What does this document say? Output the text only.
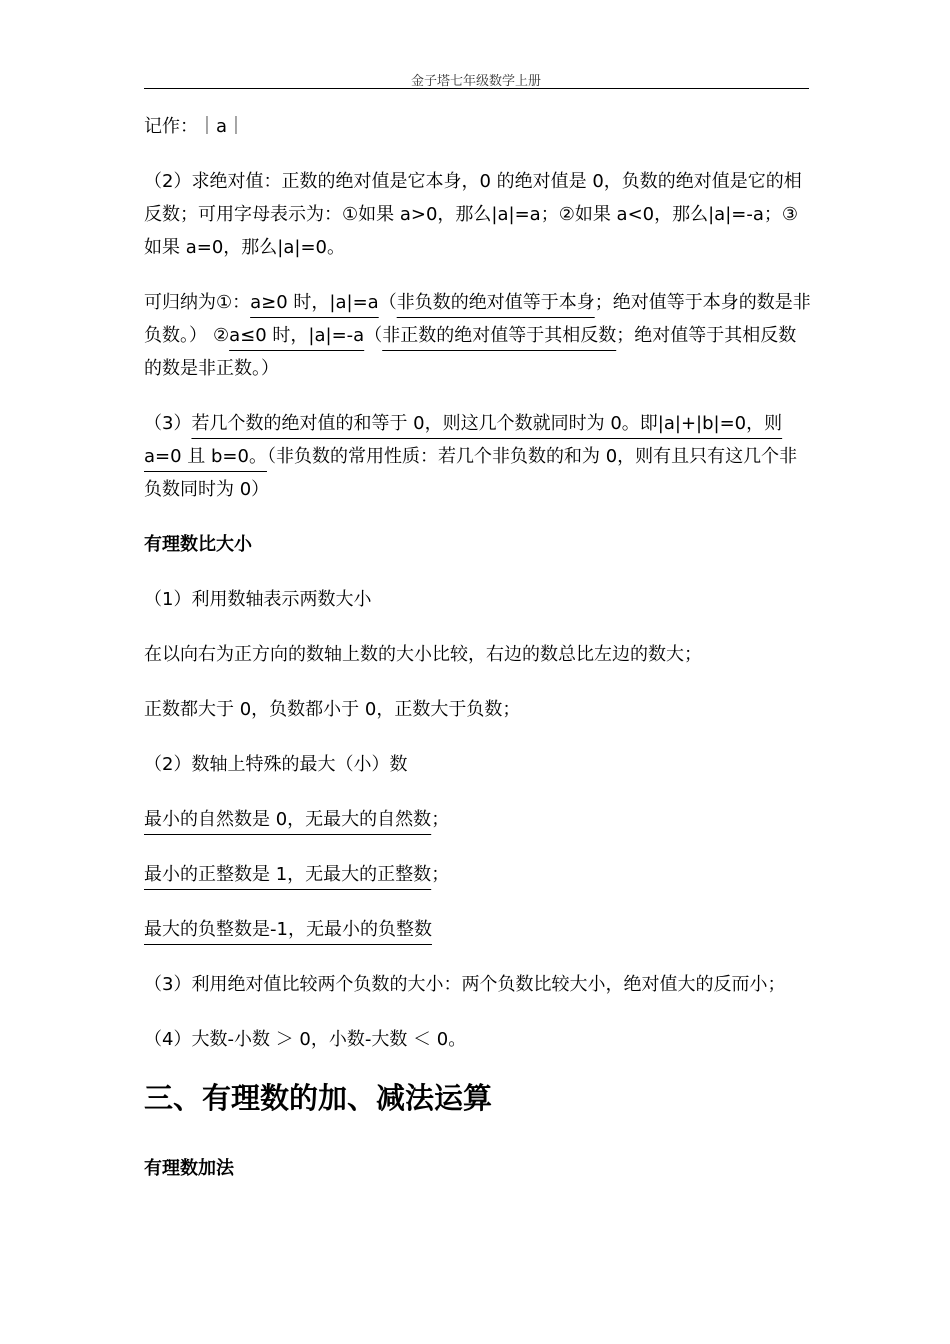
金子塔七年级数学上册

记作：｜a｜

（2）求绝对值：正数的绝对值是它本身，0 的绝对值是 0，负数的绝对值是它的相反数；可用字母表示为：①如果 a>0，那么|a|=a；②如果 a<0，那么|a|=-a；③如果 a=0，那么|a|=0。

可归纳为①：a≥0 时，|a|=a（非负数的绝对值等于本身；绝对值等于本身的数是非负数。） ②a≤0 时，|a|=-a（非正数的绝对值等于其相反数；绝对值等于其相反数的数是非正数。）

（3）若几个数的绝对值的和等于 0，则这几个数就同时为 0。即|a|+|b|=0，则 a=0 且 b=0。（非负数的常用性质：若几个非负数的和为 0，则有且只有这几个非负数同时为 0）

有理数比大小

（1）利用数轴表示两数大小

在以向右为正方向的数轴上数的大小比较，右边的数总比左边的数大；

正数都大于 0，负数都小于 0，正数大于负数；

（2）数轴上特殊的最大（小）数

最小的自然数是 0，无最大的自然数；

最小的正整数是 1，无最大的正整数；

最大的负整数是-1，无最小的负整数

（3）利用绝对值比较两个负数的大小：两个负数比较大小，绝对值大的反而小；

（4）大数-小数 ＞ 0，小数-大数 ＜ 0。

三、有理数的加、减法运算

有理数加法
